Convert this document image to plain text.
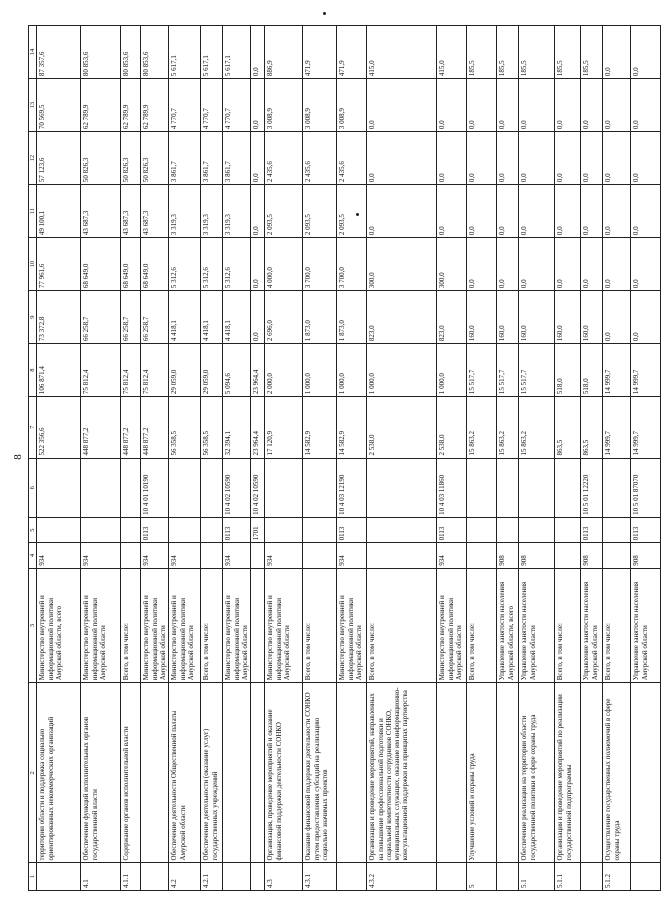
8
1	2	3	4	5	6	7	8	9	10	11	12	13	14
	территории области и поддержка социально ориентированных некоммерческих организаций	Министерство внутренней и информационной политики Амурской области, всего	934			522 356,6	106 871,4	73 372,8	77 961,6	49 100,1	57 123,6	70 569,5	87 357,6
4.1	Обеспечение функций исполнительных органов государственной власти	Министерство внутренней и информационной политики Амурской области	934			448 877,2	75 812,4	66 258,7	68 649,0	43 687,3	50 826,3	62 789,9	80 853,6
4.1.1	Содержание органов исполнительной власти	Всего, в том числе:				448 877,2	75 812,4	66 258,7	68 649,0	43 687,3	50 826,3	62 789,9	80 853,6
		Министерство внутренней и информационной политики Амурской области	934	0113	10 4 01 10190	448 877,2	75 812,4	66 258,7	68 649,0	43 687,3	50 826,3	62 789,9	80 853,6
4.2	Обеспечение деятельности Общественной палаты Амурской области	Министерство внутренней и информационной политики Амурской области	934			56 358,5	29 059,0	4 418,1	5 312,6	3 319,3	3 861,7	4 770,7	5 617,1
4.2.1	Обеспечение деятельности (оказание услуг) государственных учреждений	Всего, в том числе:				56 358,5	29 059,0	4 418,1	5 312,6	3 319,3	3 861,7	4 770,7	5 617,1
		Министерство внутренней и информационной политики Амурской области	934	0113	10 4 02 10590	32 394,1	5 094,6	4 418,1	5 312,6	3 319,3	3 861,7	4 770,7	5 617,1
				1701	10 4 02 10590	23 964,4	23 964,4	0,0	0,0	0,0	0,0	0,0	0,0
4.3	Организация, проведение мероприятий и оказание финансовой поддержки деятельности СОНКО	Министерство внутренней и информационной политики Амурской области	934			17 120,9	2 000,0	2 696,0	4 000,0	2 093,5	2 435,6	3 008,9	886,9
4.3.1	Оказание финансовой поддержки деятельности СОНКО путем предоставления субсидий на реализацию социально значимых проектов	Всего, в том числе:				14 582,9	1 000,0	1 873,0	3 700,0	2 093,5	2 435,6	3 008,9	471,9
		Министерство внутренней и информационной политики Амурской области	934	0113	10 4 03 12190	14 582,9	1 000,0	1 873,0	3 700,0	2 093,5	2 435,6	3 008,9	471,9
4.3.2	Организация и проведение мероприятий, направленных на повышение профессиональной подготовки и социальной компетентности сотрудников СОНКО, муниципальных служащих, оказание им информационно-консультационной поддержки на принципах партнерства	Всего, в том числе:				2 538,0	1 000,0	823,0	300,0	0,0	0,0	0,0	415,0
		Министерство внутренней и информационной политики Амурской области	934	0113	10 4 03 11860	2 538,0	1 000,0	823,0	300,0	0,0	0,0	0,0	415,0
5	Улучшение условий и охраны труда	Всего, в том числе:				15 863,2	15 517,7	160,0	0,0	0,0	0,0	0,0	185,5
		Управление занятости населения Амурской области, всего	908			15 863,2	15 517,7	160,0	0,0	0,0	0,0	0,0	185,5
5.1	Обеспечение реализации на территории области государственной политики в сфере охраны труда	Управление занятости населения Амурской области	908			15 863,2	15 517,7	160,0	0,0	0,0	0,0	0,0	185,5
5.1.1	Организация и проведение мероприятий по реализации государственной подпрограммы	Всего, в том числе:				863,5	518,0	160,0	0,0	0,0	0,0	0,0	185,5
		Управление занятости населения Амурской области	908	0113	10 5 01 12220	863,5	518,0	160,0	0,0	0,0	0,0	0,0	185,5
5.1.2	Осуществление государственных полномочий в сфере охраны труда	Всего, в том числе:				14 999,7	14 999,7	0,0	0,0	0,0	0,0	0,0	0,0
		Управление занятости населения Амурской области	908	0113	10 5 01 87070	14 999,7	14 999,7	0,0	0,0	0,0	0,0	0,0	0,0
